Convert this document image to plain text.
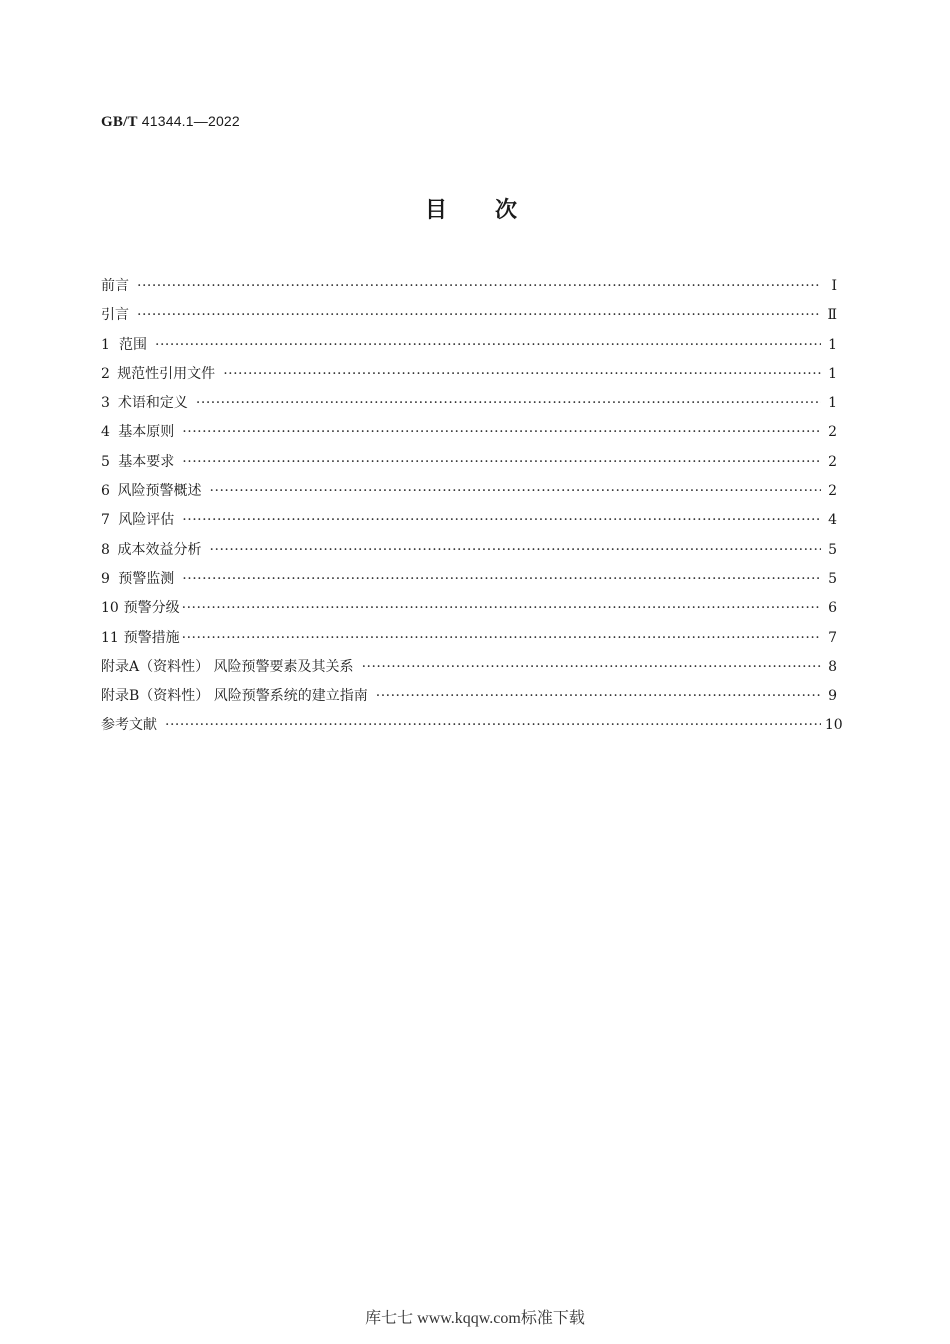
GB/T 41344.1—2022
目次
前言 ·····	Ⅰ
引言 ·····	Ⅱ
1 范围 ·····	1
2 规范性引用文件 ·····	1
3 术语和定义 ·····	1
4 基本原则 ·····	2
5 基本要求 ·····	2
6 风险预警概述 ·····	2
7 风险评估 ·····	4
8 成本效益分析 ·····	5
9 预警监测 ·····	5
10 预警分级 ·····	6
11 预警措施 ·····	7
附录A（资料性） 风险预警要素及其关系 ·····	8
附录B（资料性） 风险预警系统的建立指南 ·····	9
参考文献 ·····	10
库七七 www.kqqw.com标准下载
